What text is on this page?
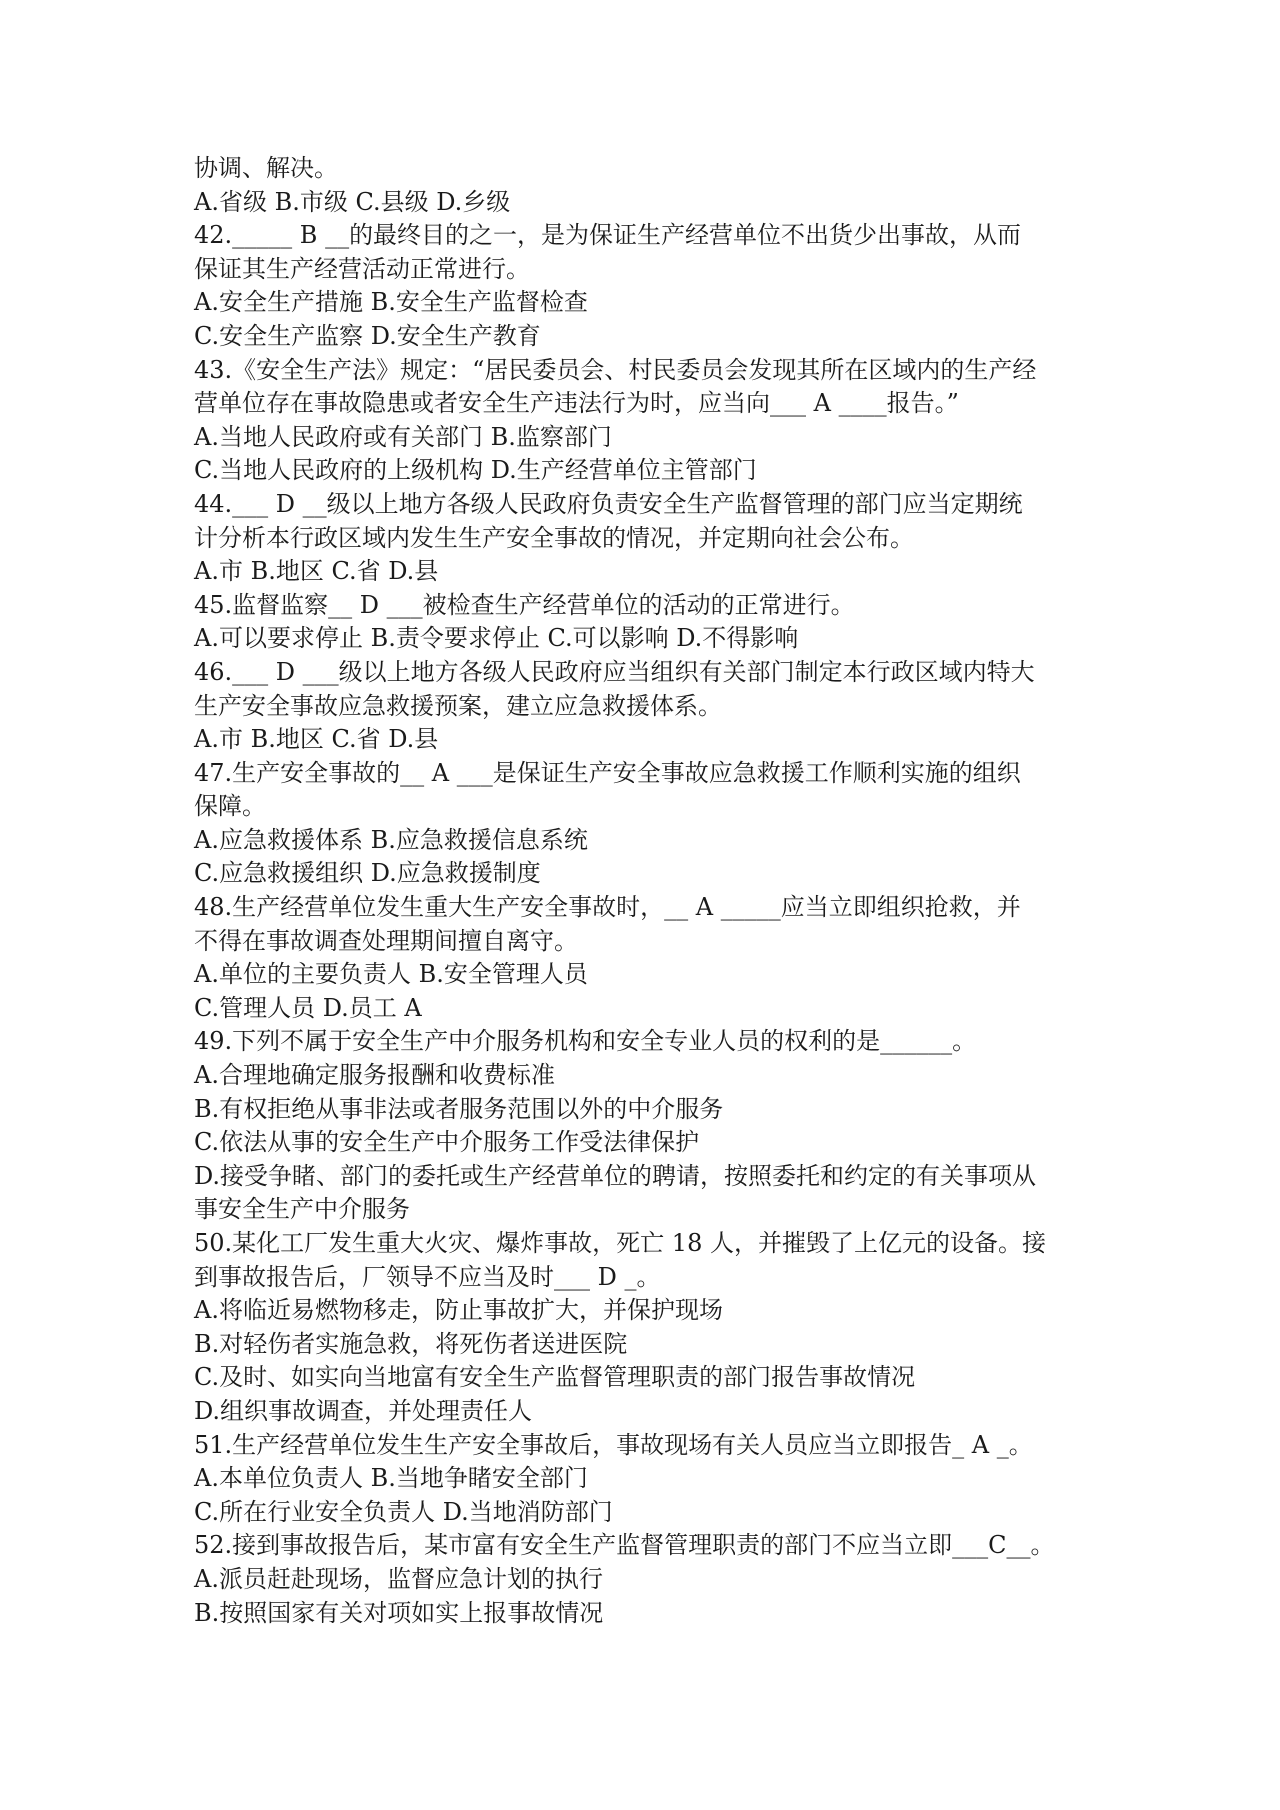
协调、解决。
A.省级 B.市级 C.县级 D.乡级
42._____ B __的最终目的之一，是为保证生产经营单位不出货少出事故，从而
保证其生产经营活动正常进行。
A.安全生产措施 B.安全生产监督检查
C.安全生产监察 D.安全生产教育
43.《安全生产法》规定：“居民委员会、村民委员会发现其所在区域内的生产经
营单位存在事故隐患或者安全生产违法行为时，应当向___ A ____报告。”
A.当地人民政府或有关部门 B.监察部门
C.当地人民政府的上级机构 D.生产经营单位主管部门
44.___ D __级以上地方各级人民政府负责安全生产监督管理的部门应当定期统
计分析本行政区域内发生生产安全事故的情况，并定期向社会公布。
A.市 B.地区 C.省 D.县
45.监督监察__ D ___被检查生产经营单位的活动的正常进行。
A.可以要求停止 B.责令要求停止 C.可以影响 D.不得影响
46.___ D ___级以上地方各级人民政府应当组织有关部门制定本行政区域内特大
生产安全事故应急救援预案，建立应急救援体系。
A.市 B.地区 C.省 D.县
47.生产安全事故的__ A ___是保证生产安全事故应急救援工作顺利实施的组织
保障。
A.应急救援体系 B.应急救援信息系统
C.应急救援组织 D.应急救援制度
48.生产经营单位发生重大生产安全事故时，__ A _____应当立即组织抢救，并
不得在事故调查处理期间擅自离守。
A.单位的主要负责人 B.安全管理人员
C.管理人员 D.员工 A
49.下列不属于安全生产中介服务机构和安全专业人员的权利的是______。
A.合理地确定服务报酬和收费标准
B.有权拒绝从事非法或者服务范围以外的中介服务
C.依法从事的安全生产中介服务工作受法律保护
D.接受争睹、部门的委托或生产经营单位的聘请，按照委托和约定的有关事项从
事安全生产中介服务
50.某化工厂发生重大火灾、爆炸事故，死亡 18 人，并摧毁了上亿元的设备。接
到事故报告后，厂领导不应当及时___ D _。
A.将临近易燃物移走，防止事故扩大，并保护现场
B.对轻伤者实施急救，将死伤者送进医院
C.及时、如实向当地富有安全生产监督管理职责的部门报告事故情况
D.组织事故调查，并处理责任人
51.生产经营单位发生生产安全事故后，事故现场有关人员应当立即报告_ A _。
A.本单位负责人 B.当地争睹安全部门
C.所在行业安全负责人 D.当地消防部门
52.接到事故报告后，某市富有安全生产监督管理职责的部门不应当立即___C__。
A.派员赶赴现场，监督应急计划的执行
B.按照国家有关对项如实上报事故情况
